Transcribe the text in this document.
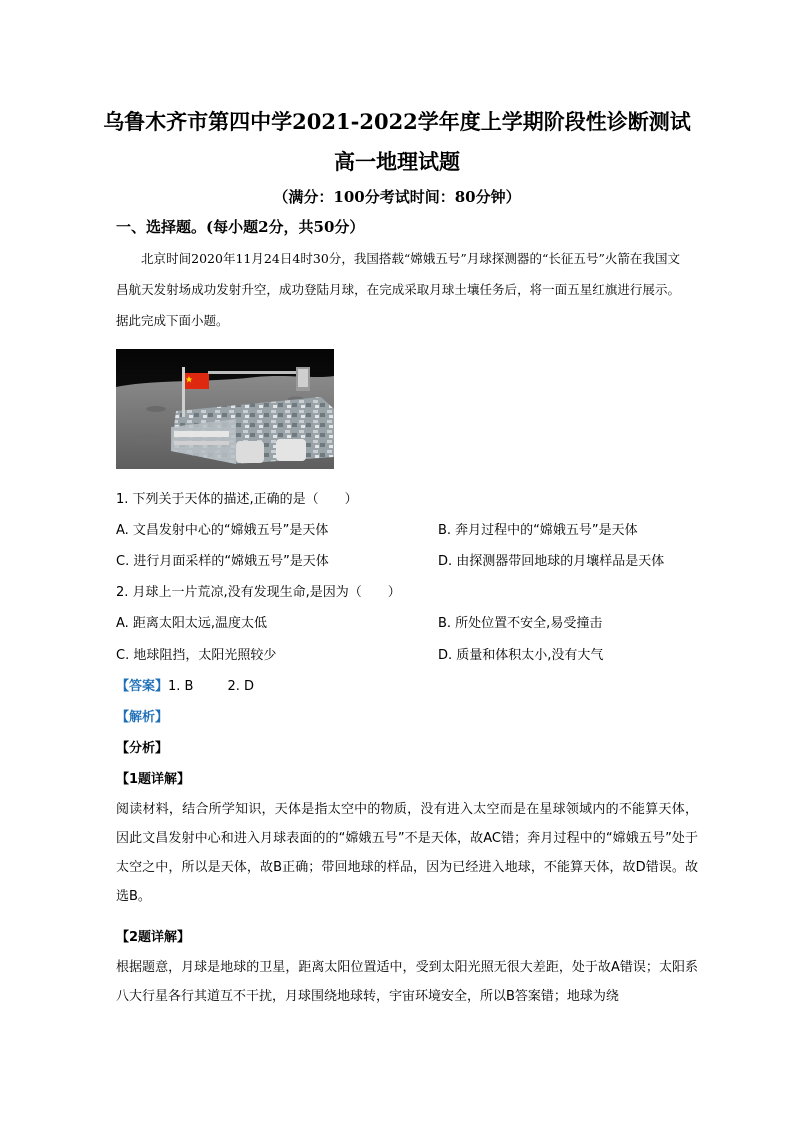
乌鲁木齐市第四中学2021-2022学年度上学期阶段性诊断测试
高一地理试题
（满分：100分考试时间：80分钟）
一、选择题。(每小题2分，共50分）
北京时间2020年11月24日4时30分，我国搭载“嫦娥五号”月球探测器的“长征五号”火箭在我国文昌航天发射场成功发射升空，成功登陆月球，在完成采取月球土壤任务后，将一面五星红旗进行展示。据此完成下面小题。
1. 下列关于天体的描述,正确的是（　　）
A. 文昌发射中心的“嫦娥五号”是天体	B. 奔月过程中的“嫦娥五号”是天体
C. 进行月面采样的“嫦娥五号”是天体	D. 由探测器带回地球的月壤样品是天体
2. 月球上一片荒凉,没有发现生命,是因为（　　）
A. 距离太阳太远,温度太低	B. 所处位置不安全,易受撞击
C. 地球阻挡，太阳光照较少	D. 质量和体积太小,没有大气
【答案】1. B	2. D
【解析】
【分析】
【1题详解】
阅读材料，结合所学知识，天体是指太空中的物质，没有进入太空而是在星球领域内的不能算天体，因此文昌发射中心和进入月球表面的的“嫦娥五号”不是天体，故AC错；奔月过程中的“嫦娥五号”处于太空之中，所以是天体，故B正确；带回地球的样品，因为已经进入地球，不能算天体，故D错误。故选B。
【2题详解】
根据题意，月球是地球的卫星，距离太阳位置适中，受到太阳光照无很大差距，处于故A错误；太阳系八大行星各行其道互不干扰，月球围绕地球转，宇宙环境安全，所以B答案错；地球为绕
